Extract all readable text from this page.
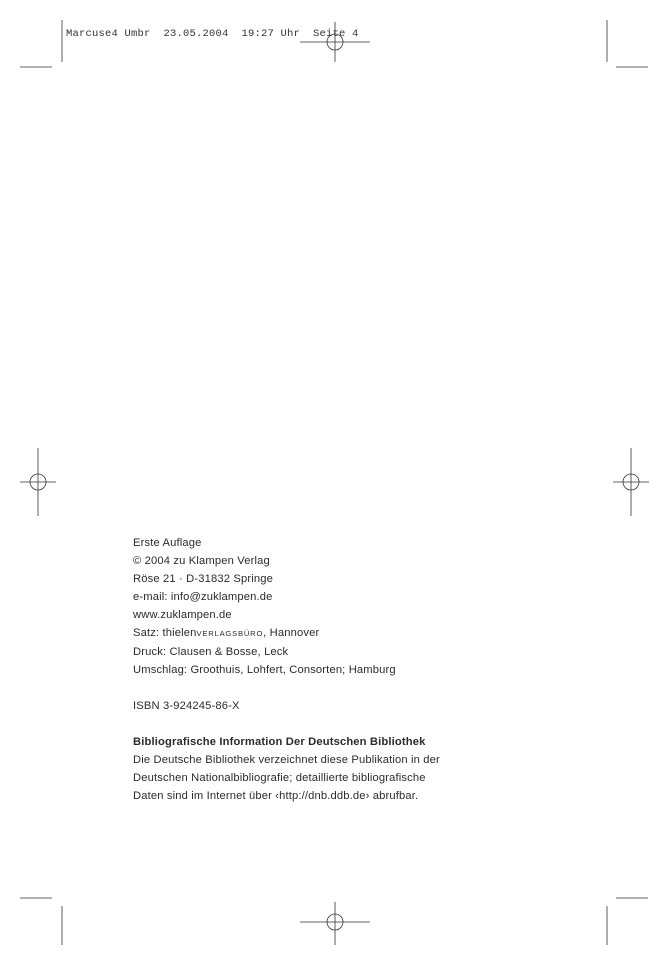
Marcuse4 Umbr  23.05.2004  19:27 Uhr  Seite 4
Erste Auflage
© 2004 zu Klampen Verlag
Röse 21 · D-31832 Springe
e-mail: info@zuklampen.de
www.zuklampen.de
Satz: thielenVERLAGSBÜRO, Hannover
Druck: Clausen & Bosse, Leck
Umschlag: Groothuis, Lohfert, Consorten; Hamburg
ISBN 3-924245-86-X
Bibliografische Information Der Deutschen Bibliothek
Die Deutsche Bibliothek verzeichnet diese Publikation in der
Deutschen Nationalbibliografie; detaillierte bibliografische
Daten sind im Internet über ‹http://dnb.ddb.de› abrufbar.
